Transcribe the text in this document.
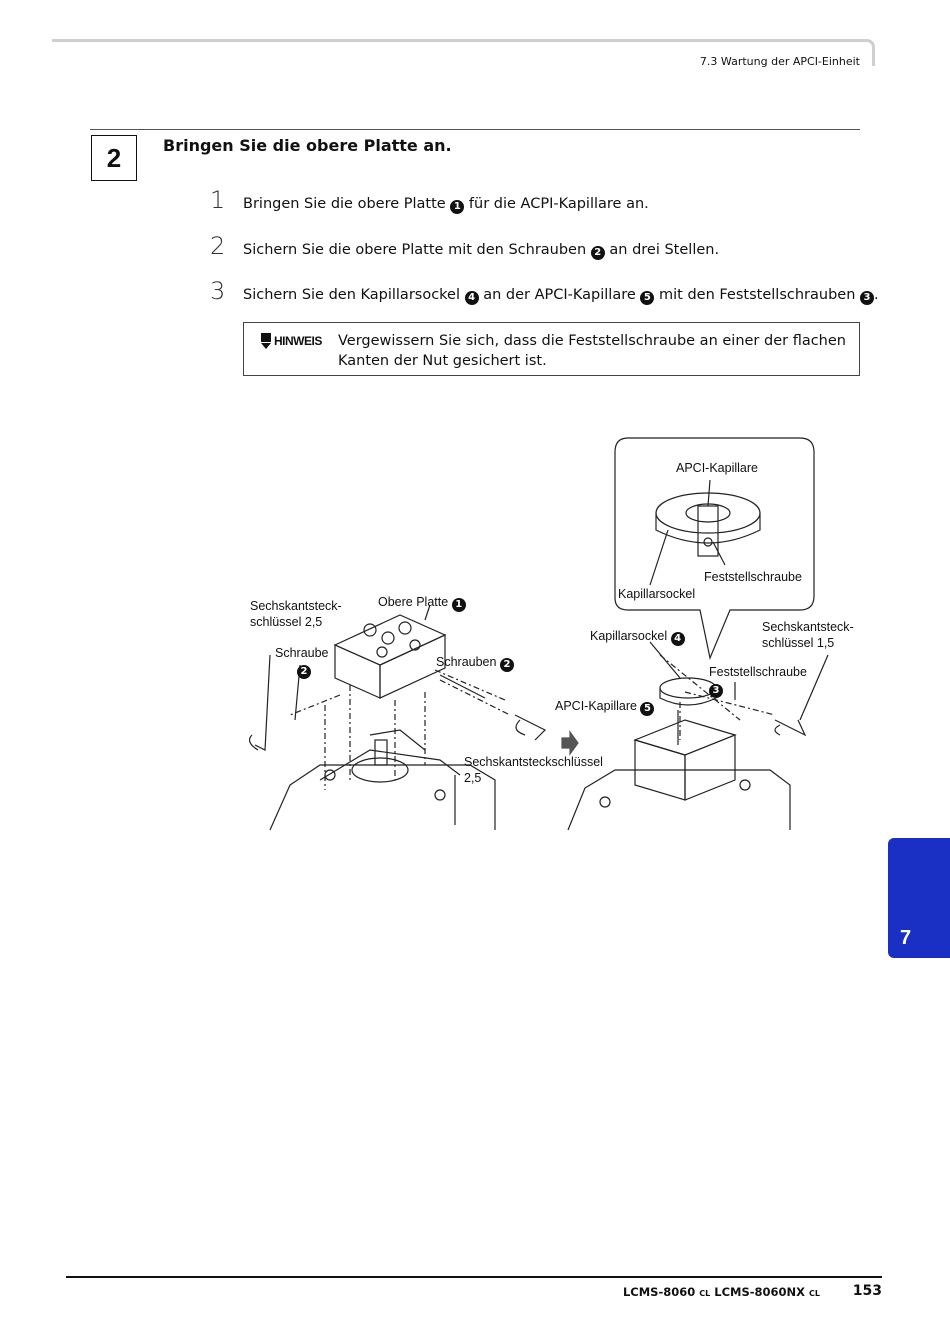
7.3 Wartung der APCI-Einheit
2	Bringen Sie die obere Platte an.
1	Bringen Sie die obere Platte 1 für die ACPI-Kapillare an.
2	Sichern Sie die obere Platte mit den Schrauben 2 an drei Stellen.
3	Sichern Sie den Kapillarsockel 4 an der APCI-Kapillare 5 mit den Feststellschrauben 3 .
HINWEIS Vergewissern Sie sich, dass die Feststellschraube an einer der flachen Kanten der Nut gesichert ist.
APCI-Kapillare
Feststellschraube
Kapillarsockel
Sechskantsteck-
schlüssel 2,5
Obere Platte 1
Schraube
2
Schrauben 2
Kapillarsockel 4
Sechskantsteck-
schlüssel 1,5
Feststellschraube
3
APCI-Kapillare 5
Sechskantsteckschlüssel
2,5
7
LCMS-8060 CL LCMS-8060NX CL 153
